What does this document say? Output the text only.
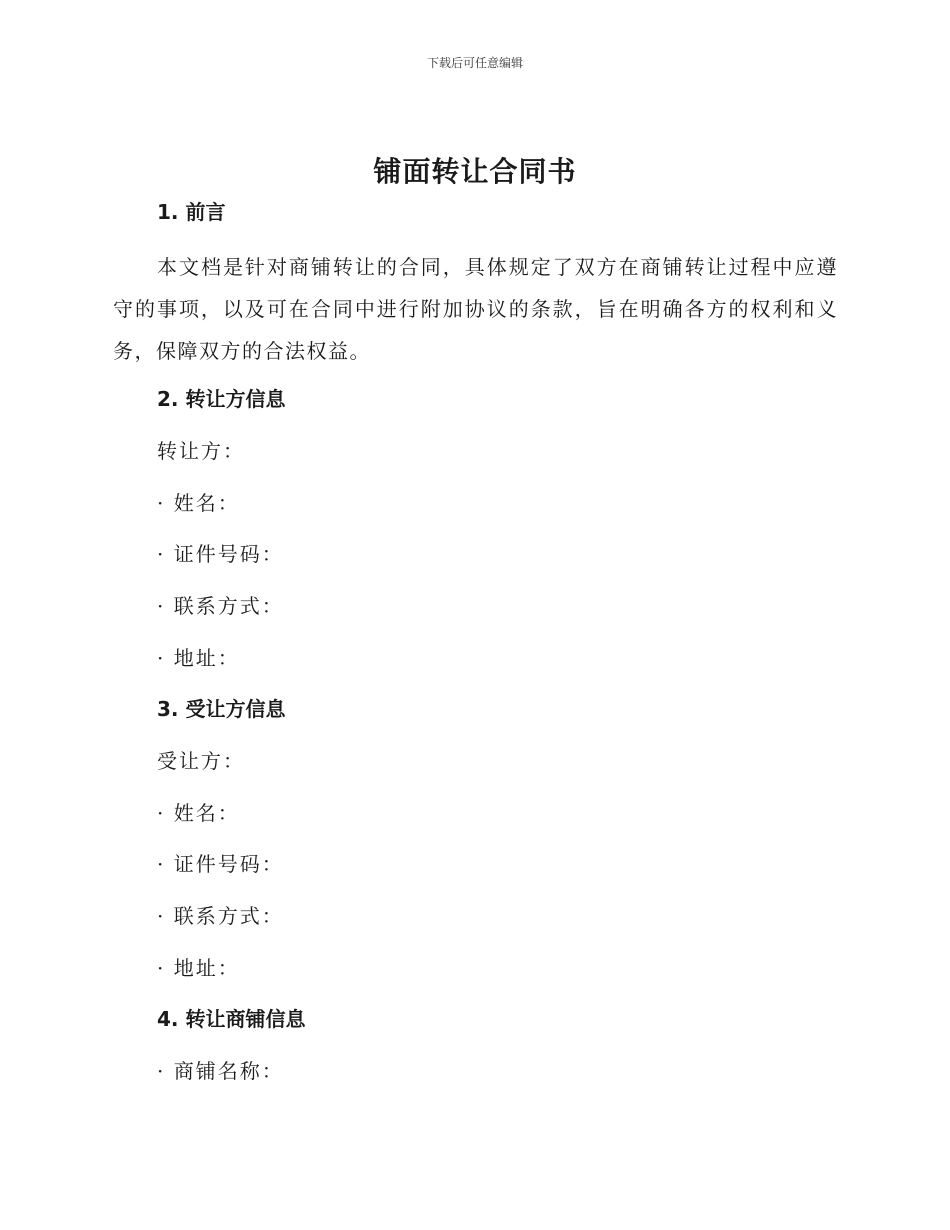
下载后可任意编辑
铺面转让合同书
1. 前言
本文档是针对商铺转让的合同，具体规定了双方在商铺转让过程中应遵守的事项，以及可在合同中进行附加协议的条款，旨在明确各方的权利和义务，保障双方的合法权益。
2. 转让方信息
转让方：
· 姓名：
· 证件号码：
· 联系方式：
· 地址：
3. 受让方信息
受让方：
· 姓名：
· 证件号码：
· 联系方式：
· 地址：
4. 转让商铺信息
· 商铺名称：
